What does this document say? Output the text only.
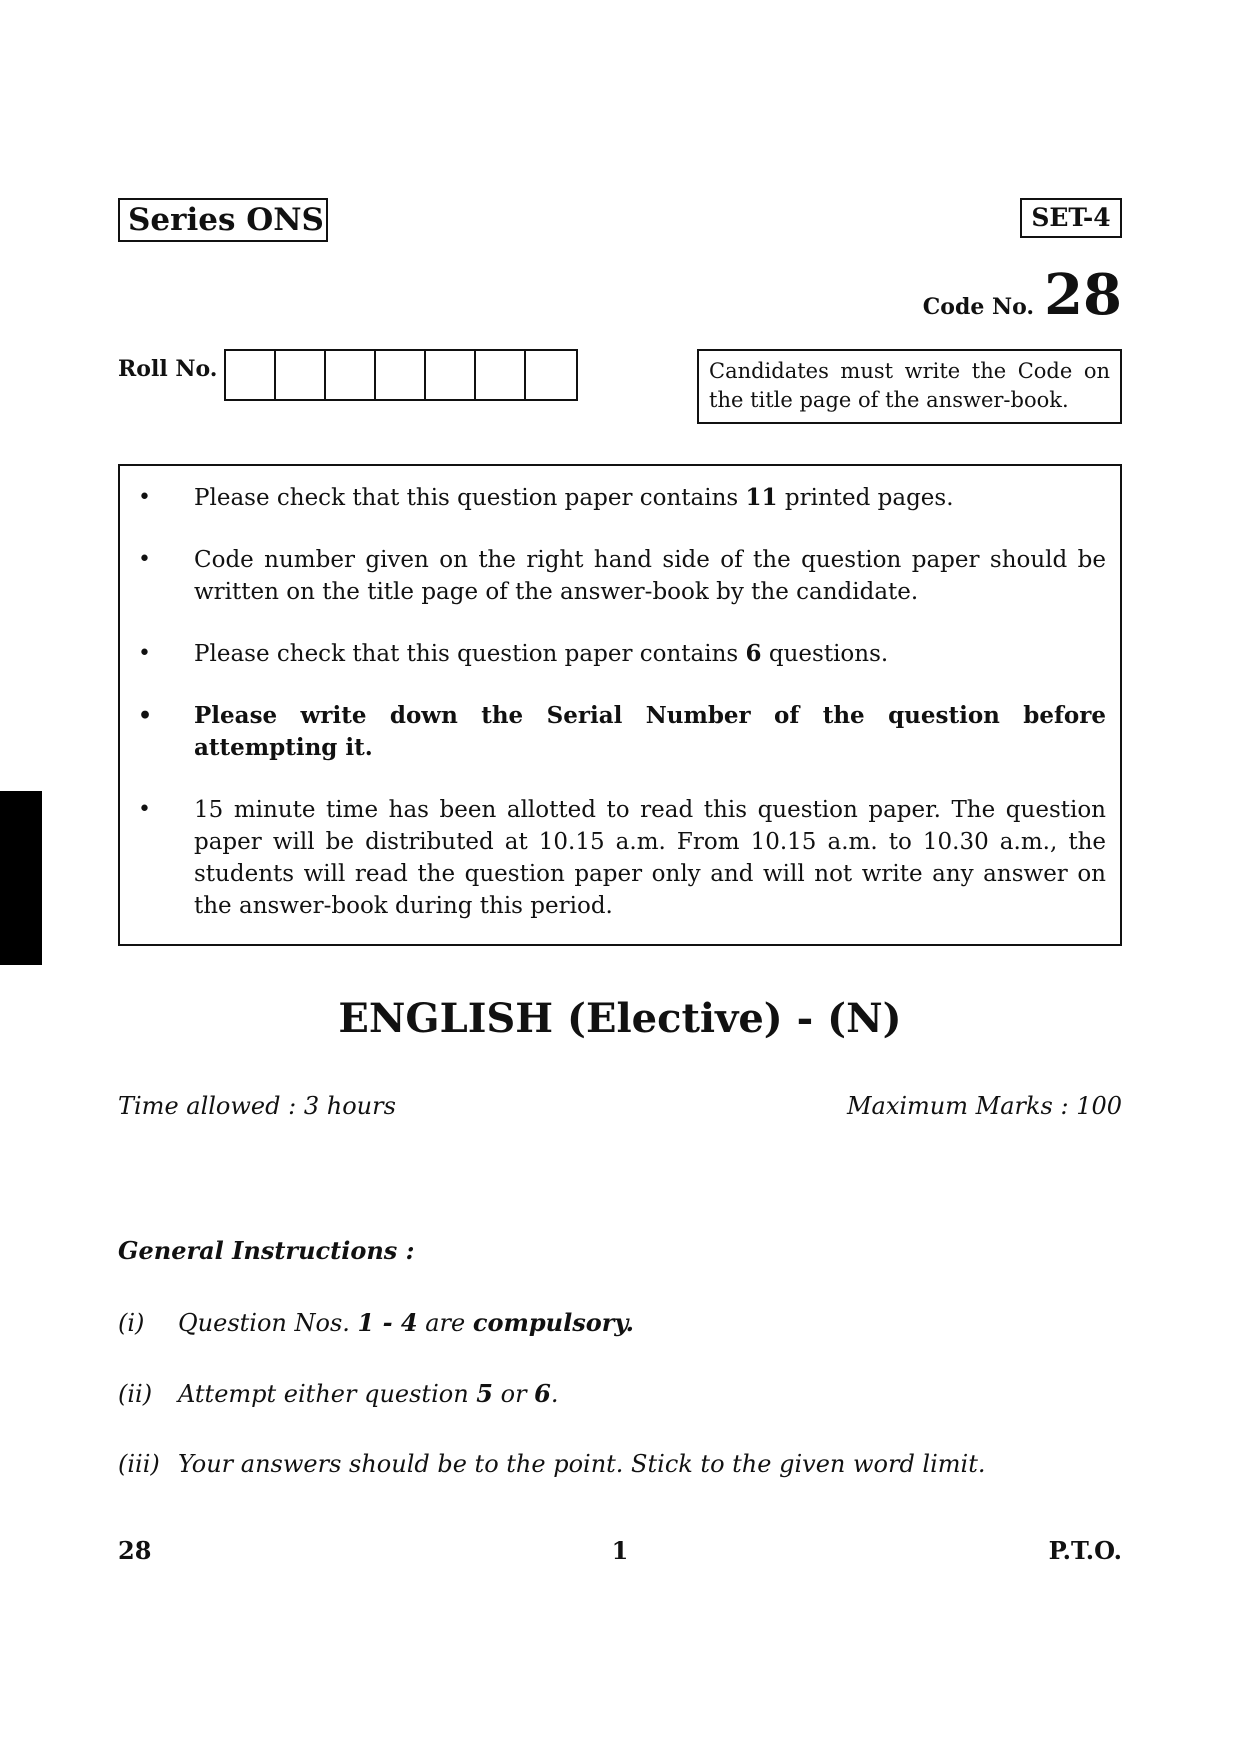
Series ONS	SET-4
Code No. 28
Roll No.	Candidates must write the Code on the title page of the answer-book.
• Please check that this question paper contains 11 printed pages.
• Code number given on the right hand side of the question paper should be written on the title page of the answer-book by the candidate.
• Please check that this question paper contains 6 questions.
• Please write down the Serial Number of the question before attempting it.
• 15 minute time has been allotted to read this question paper. The question paper will be distributed at 10.15 a.m. From 10.15 a.m. to 10.30 a.m., the students will read the question paper only and will not write any answer on the answer-book during this period.
ENGLISH (Elective) - (N)
Time allowed : 3 hours	Maximum Marks : 100
General Instructions :
(i) Question Nos. 1 - 4 are compulsory.
(ii) Attempt either question 5 or 6.
(iii) Your answers should be to the point. Stick to the given word limit.
28	1	P.T.O.
